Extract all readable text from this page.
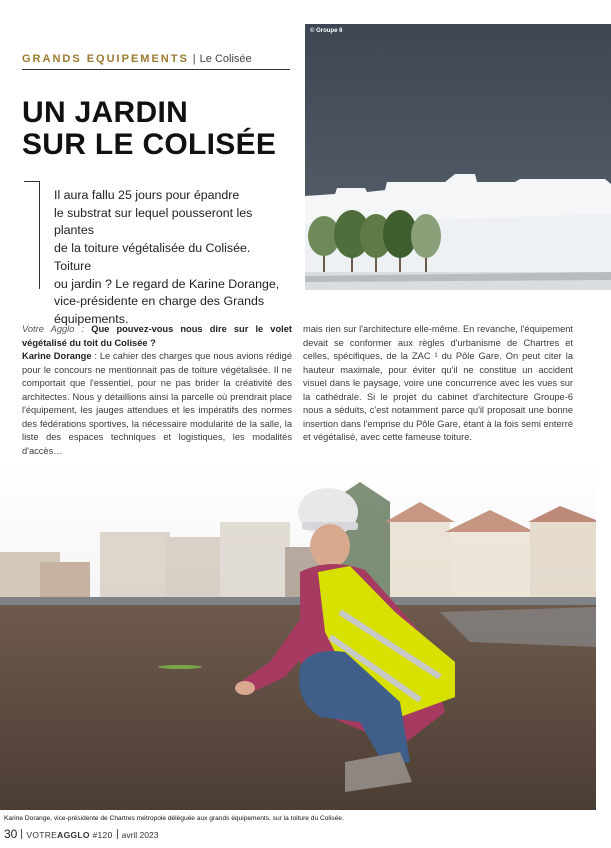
GRANDS EQUIPEMENTS | Le Colisée
UN JARDIN
SUR LE COLISÉE
Il aura fallu 25 jours pour épandre
le substrat sur lequel pousseront les plantes
de la toiture végétalisée du Colisée. Toiture
ou jardin ? Le regard de Karine Dorange,
vice-présidente en charge des Grands
équipements.
© Groupe 6

Votre Agglo : Que pouvez-vous nous dire sur le volet végétalisé du toit du Colisée ?

Karine Dorange : Le cahier des charges que nous avions rédigé pour le concours ne mentionnait pas de toiture végétalisée. Il ne comportait que l'essentiel, pour ne pas brider la créativité des architectes. Nous y détaillions ainsi la parcelle où prendrait place l'équipement, les jauges attendues et les impératifs des normes des fédérations sportives, la nécessaire modularité de la salle, la liste des espaces techniques et logistiques, les modalités d'accès…

mais rien sur l'architecture elle-même. En revanche, l'équipement devait se conformer aux règles d'urbanisme de Chartres et celles, spécifiques, de la ZAC ¹ du Pôle Gare. On peut citer la hauteur maximale, pour éviter qu'il ne constitue un accident visuel dans le paysage, voire une concurrence avec les vues sur la cathédrale. Si le projet du cabinet d'architecture Groupe-6 nous a séduits, c'est notamment parce qu'il proposait une bonne insertion dans l'emprise du Pôle Gare, étant à la fois semi enterré et végétalisé, avec cette fameuse toiture.

Karine Dorange, vice-présidente de Chartres métropole déléguée aux grands équipements, sur la toiture du Colisée.
30 VOTREAGGLO #120 avril 2023
